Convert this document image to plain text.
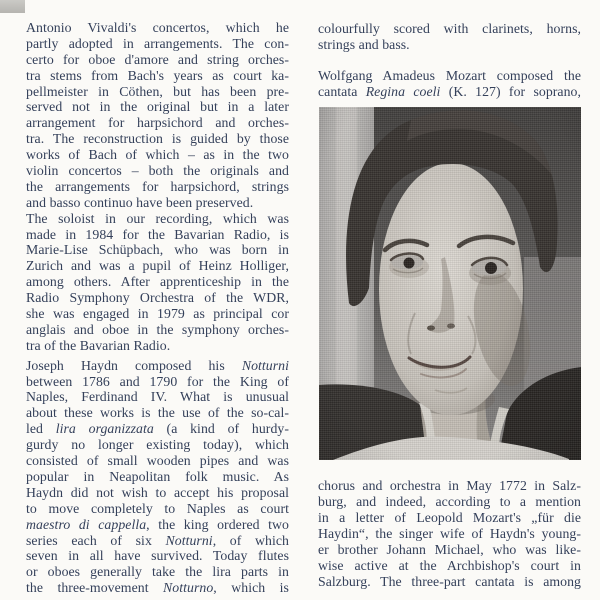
Antonio Vivaldi's concertos, which he
partly adopted in arrangements. The con-
certo for oboe d'amore and string orches-
tra stems from Bach's years as court ka-
pellmeister in Cöthen, but has been pre-
served not in the original but in a later
arrangement for harpsichord and orches-
tra. The reconstruction is guided by those
works of Bach of which – as in the two
violin concertos – both the originals and
the arrangements for harpsichord, strings
and basso continuo have been preserved.
The soloist in our recording, which was
made in 1984 for the Bavarian Radio, is
Marie-Lise Schüpbach, who was born in
Zurich and was a pupil of Heinz Holliger,
among others. After apprenticeship in the
Radio Symphony Orchestra of the WDR,
she was engaged in 1979 as principal cor
anglais and oboe in the symphony orches-
tra of the Bavarian Radio.
Joseph Haydn composed his Notturni
between 1786 and 1790 for the King of
Naples, Ferdinand IV. What is unusual
about these works is the use of the so-cal-
led lira organizzata (a kind of hurdy-
gurdy no longer existing today), which
consisted of small wooden pipes and was
popular in Neapolitan folk music. As
Haydn did not wish to accept his proposal
to move completely to Naples as court
maestro di cappella, the king ordered two
series each of six Notturni, of which
seven in all have survived. Today flutes
or oboes generally take the lira parts in
the three-movement Notturno, which is
colourfully scored with clarinets, horns,
strings and bass.
Wolfgang Amadeus Mozart composed the
cantata Regina coeli (K. 127) for soprano,
chorus and orchestra in May 1772 in Salz-
burg, and indeed, according to a mention
in a letter of Leopold Mozart's „für die
Haydin“, the singer wife of Haydn's young-
er brother Johann Michael, who was like-
wise active at the Archbishop's court in
Salzburg. The three-part cantata is among
